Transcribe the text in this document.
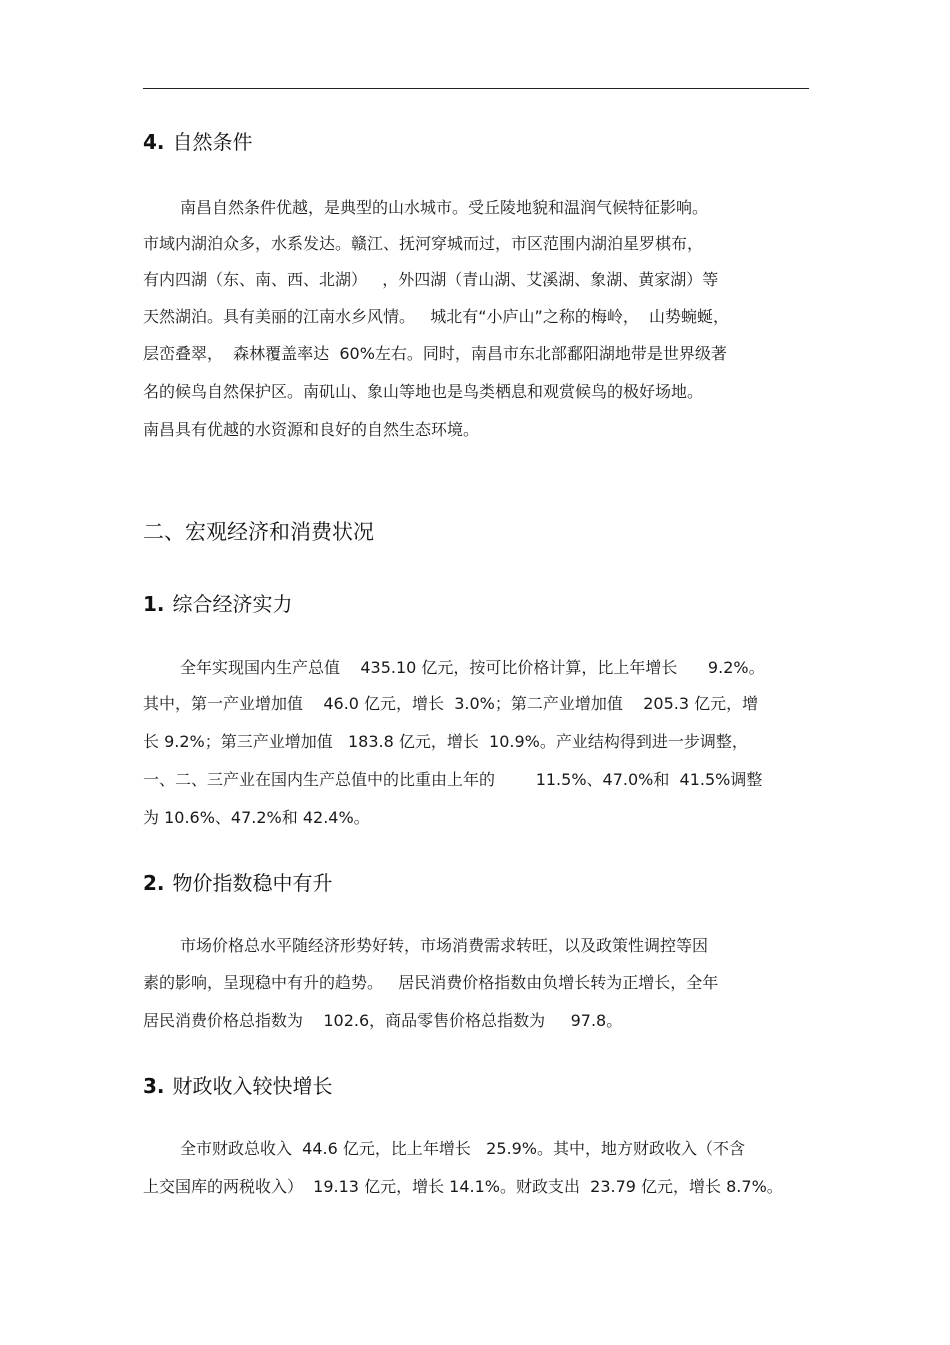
4. 自然条件
南昌自然条件优越，是典型的山水城市。受丘陵地貌和温润气候特征影响。
市域内湖泊众多，水系发达。赣江、抚河穿城而过，市区范围内湖泊星罗棋布，
有内四湖（东、南、西、北湖）   ，外四湖（青山湖、艾溪湖、象湖、黄家湖）等
天然湖泊。具有美丽的江南水乡风情。   城北有“小庐山”之称的梅岭，  山势蜿蜒，
层峦叠翠，  森林覆盖率达  60%左右。同时，南昌市东北部鄱阳湖地带是世界级著
名的候鸟自然保护区。南矶山、象山等地也是鸟类栖息和观赏候鸟的极好场地。
南昌具有优越的水资源和良好的自然生态环境。
二、宏观经济和消费状况
1. 综合经济实力
全年实现国内生产总值    435.10 亿元，按可比价格计算，比上年增长      9.2%。
其中，第一产业增加值    46.0 亿元，增长  3.0%；第二产业增加值    205.3 亿元，增
长 9.2%；第三产业增加值   183.8 亿元，增长  10.9%。产业结构得到进一步调整，
一、二、三产业在国内生产总值中的比重由上年的        11.5%、47.0%和  41.5%调整
为 10.6%、47.2%和 42.4%。
2. 物价指数稳中有升
市场价格总水平随经济形势好转，市场消费需求转旺，以及政策性调控等因
素的影响，呈现稳中有升的趋势。   居民消费价格指数由负增长转为正增长，全年
居民消费价格总指数为    102.6，商品零售价格总指数为     97.8。
3. 财政收入较快增长
全市财政总收入  44.6 亿元，比上年增长   25.9%。其中，地方财政收入（不含
上交国库的两税收入）  19.13 亿元，增长 14.1%。财政支出  23.79 亿元，增长 8.7%。
